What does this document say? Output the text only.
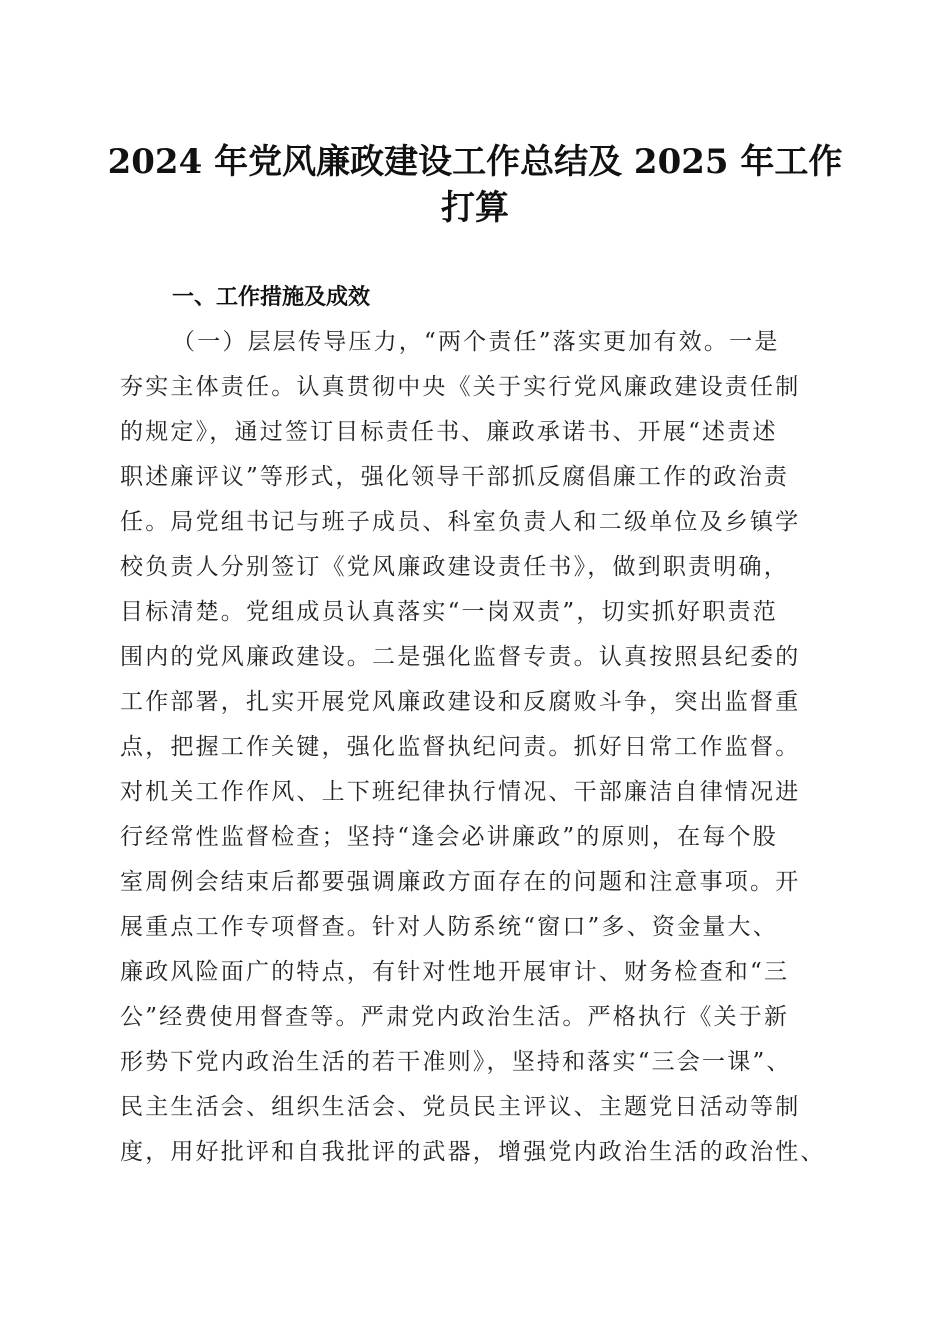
2024 年党风廉政建设工作总结及 2025 年工作
打算
一、工作措施及成效

（一）层层传导压力，“两个责任”落实更加有效。一是

夯实主体责任。认真贯彻中央《关于实行党风廉政建设责任制

的规定》，通过签订目标责任书、廉政承诺书、开展“述责述

职述廉评议”等形式，强化领导干部抓反腐倡廉工作的政治责

任。局党组书记与班子成员、科室负责人和二级单位及乡镇学

校负责人分别签订《党风廉政建设责任书》，做到职责明确，

目标清楚。党组成员认真落实“一岗双责”，切实抓好职责范

围内的党风廉政建设。二是强化监督专责。认真按照县纪委的

工作部署，扎实开展党风廉政建设和反腐败斗争，突出监督重

点，把握工作关键，强化监督执纪问责。抓好日常工作监督。

对机关工作作风、上下班纪律执行情况、干部廉洁自律情况进

行经常性监督检查；坚持“逢会必讲廉政”的原则，在每个股

室周例会结束后都要强调廉政方面存在的问题和注意事项。开

展重点工作专项督查。针对人防系统“窗口”多、资金量大、

廉政风险面广的特点，有针对性地开展审计、财务检查和“三

公”经费使用督查等。严肃党内政治生活。严格执行《关于新

形势下党内政治生活的若干准则》，坚持和落实“三会一课”、

民主生活会、组织生活会、党员民主评议、主题党日活动等制

度，用好批评和自我批评的武器，增强党内政治生活的政治性、
